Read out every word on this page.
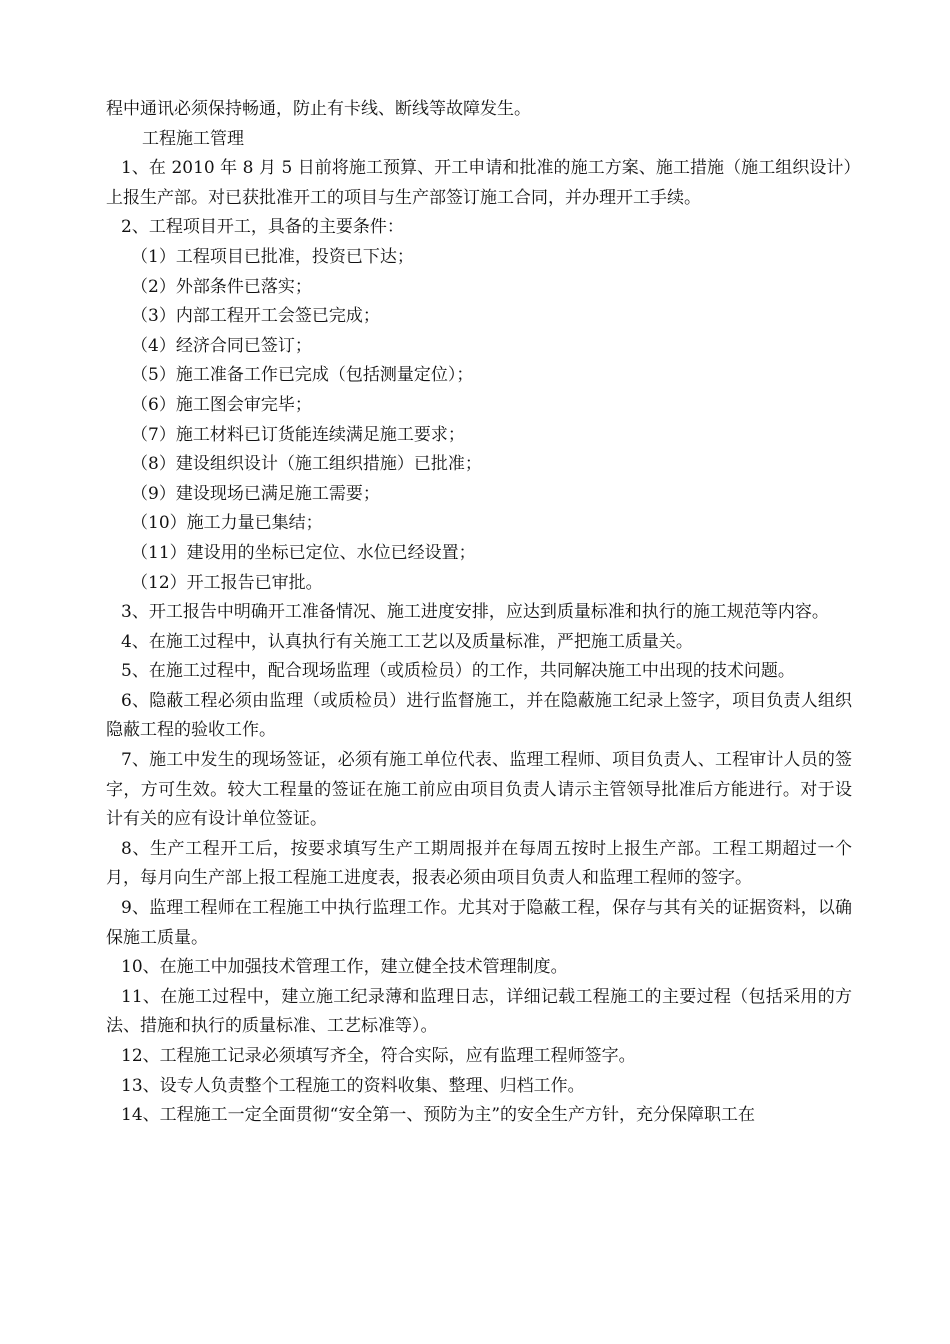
程中通讯必须保持畅通，防止有卡线、断线等故障发生。

工程施工管理

1、在 2010 年 8 月 5 日前将施工预算、开工申请和批准的施工方案、施工措施（施工组织设计）上报生产部。对已获批准开工的项目与生产部签订施工合同，并办理开工手续。

2、工程项目开工，具备的主要条件：

（1）工程项目已批准，投资已下达；

（2）外部条件已落实；

（3）内部工程开工会签已完成；

（4）经济合同已签订；

（5）施工准备工作已完成（包括测量定位）；

（6）施工图会审完毕；

（7）施工材料已订货能连续满足施工要求；

（8）建设组织设计（施工组织措施）已批准；

（9）建设现场已满足施工需要；

（10）施工力量已集结；

（11）建设用的坐标已定位、水位已经设置；

（12）开工报告已审批。

3、开工报告中明确开工准备情况、施工进度安排，应达到质量标准和执行的施工规范等内容。

4、在施工过程中，认真执行有关施工工艺以及质量标准，严把施工质量关。

5、在施工过程中，配合现场监理（或质检员）的工作，共同解决施工中出现的技术问题。

6、隐蔽工程必须由监理（或质检员）进行监督施工，并在隐蔽施工纪录上签字，项目负责人组织隐蔽工程的验收工作。

7、施工中发生的现场签证，必须有施工单位代表、监理工程师、项目负责人、工程审计人员的签字，方可生效。较大工程量的签证在施工前应由项目负责人请示主管领导批准后方能进行。对于设计有关的应有设计单位签证。

8、生产工程开工后，按要求填写生产工期周报并在每周五按时上报生产部。工程工期超过一个月，每月向生产部上报工程施工进度表，报表必须由项目负责人和监理工程师的签字。

9、监理工程师在工程施工中执行监理工作。尤其对于隐蔽工程，保存与其有关的证据资料，以确保施工质量。

10、在施工中加强技术管理工作，建立健全技术管理制度。

11、在施工过程中，建立施工纪录薄和监理日志，详细记载工程施工的主要过程（包括采用的方法、措施和执行的质量标准、工艺标准等）。

12、工程施工记录必须填写齐全，符合实际，应有监理工程师签字。

13、设专人负责整个工程施工的资料收集、整理、归档工作。

14、工程施工一定全面贯彻“安全第一、预防为主”的安全生产方针，充分保障职工在
